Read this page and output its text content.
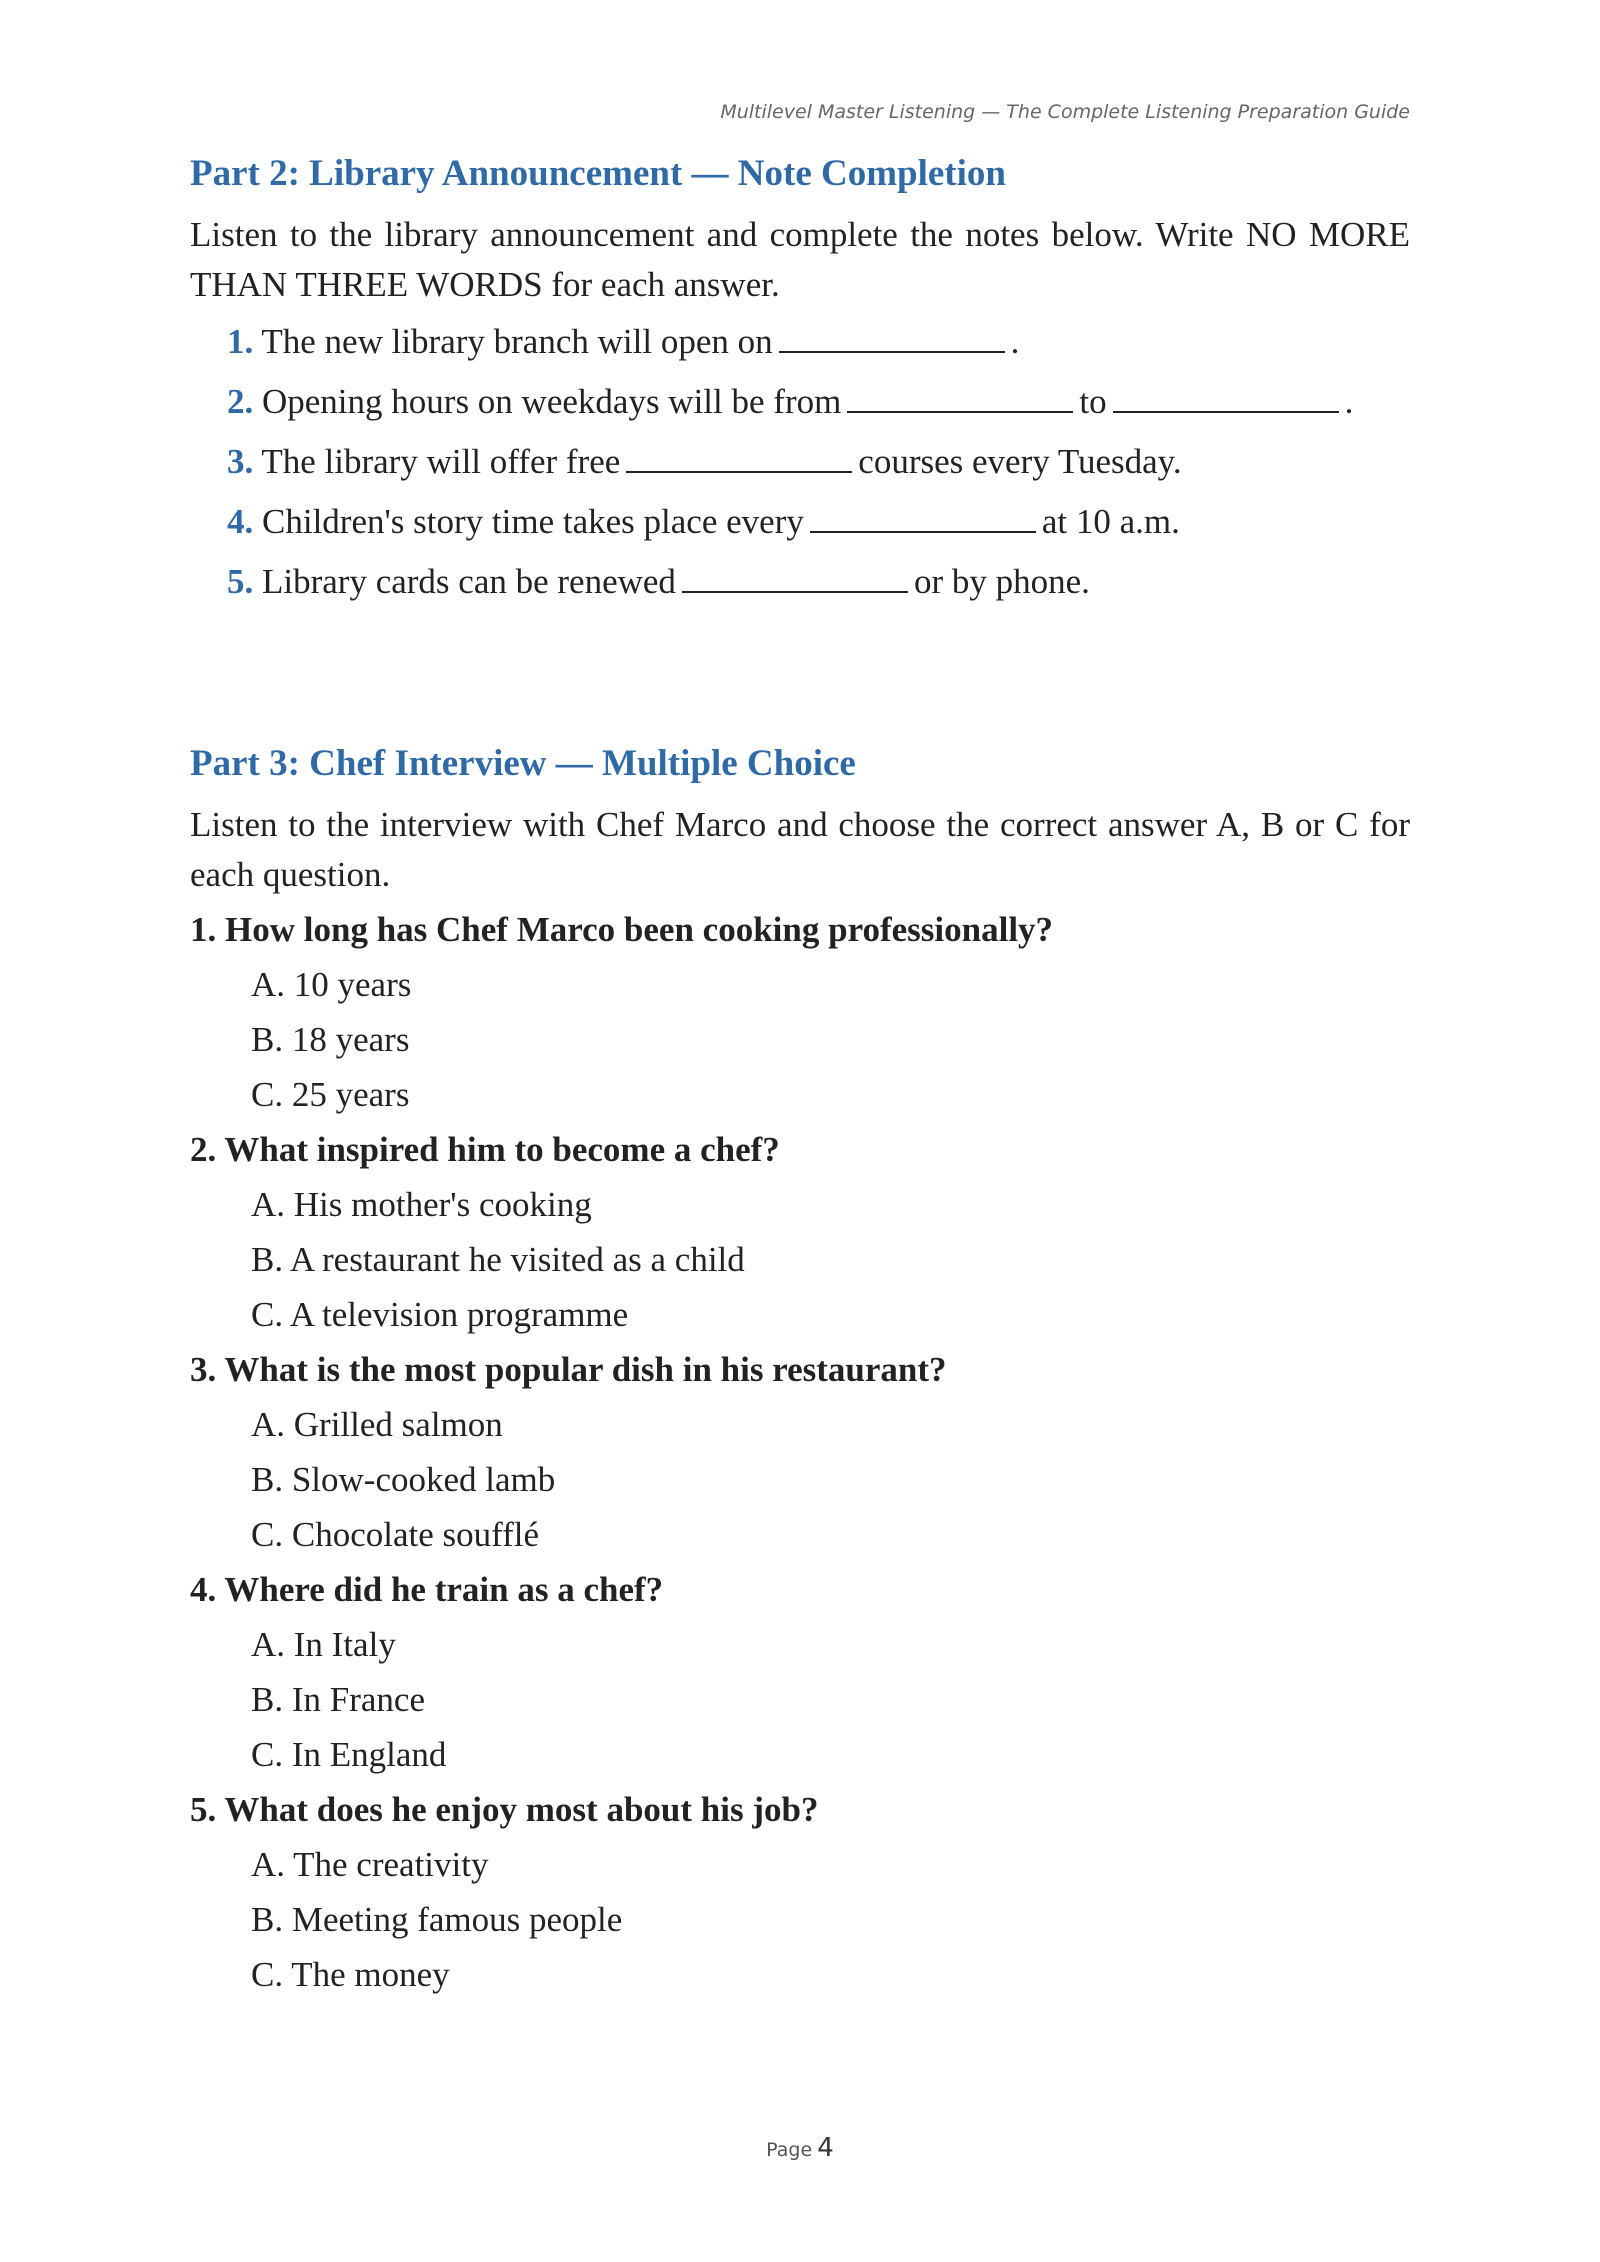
Multilevel Master Listening — The Complete Listening Preparation Guide
Part 2: Library Announcement — Note Completion

Listen to the library announcement and complete the notes below. Write NO MORE THAN THREE WORDS for each answer.

1. The new library branch will open on	.
2. Opening hours on weekdays will be from	to	.
3. The library will offer free	courses every Tuesday.
4. Children's story time takes place every	at 10 a.m.
5. Library cards can be renewed	or by phone.
Part 3: Chef Interview — Multiple Choice

Listen to the interview with Chef Marco and choose the correct answer A, B or C for each question.

1. How long has Chef Marco been cooking professionally?

A. 10 years

B. 18 years

C. 25 years

2. What inspired him to become a chef?

A. His mother's cooking

B. A restaurant he visited as a child

C. A television programme

3. What is the most popular dish in his restaurant?

A. Grilled salmon

B. Slow-cooked lamb

C. Chocolate soufflé

4. Where did he train as a chef?

A. In Italy

B. In France

C. In England

5. What does he enjoy most about his job?

A. The creativity

B. Meeting famous people

C. The money

Page 4
